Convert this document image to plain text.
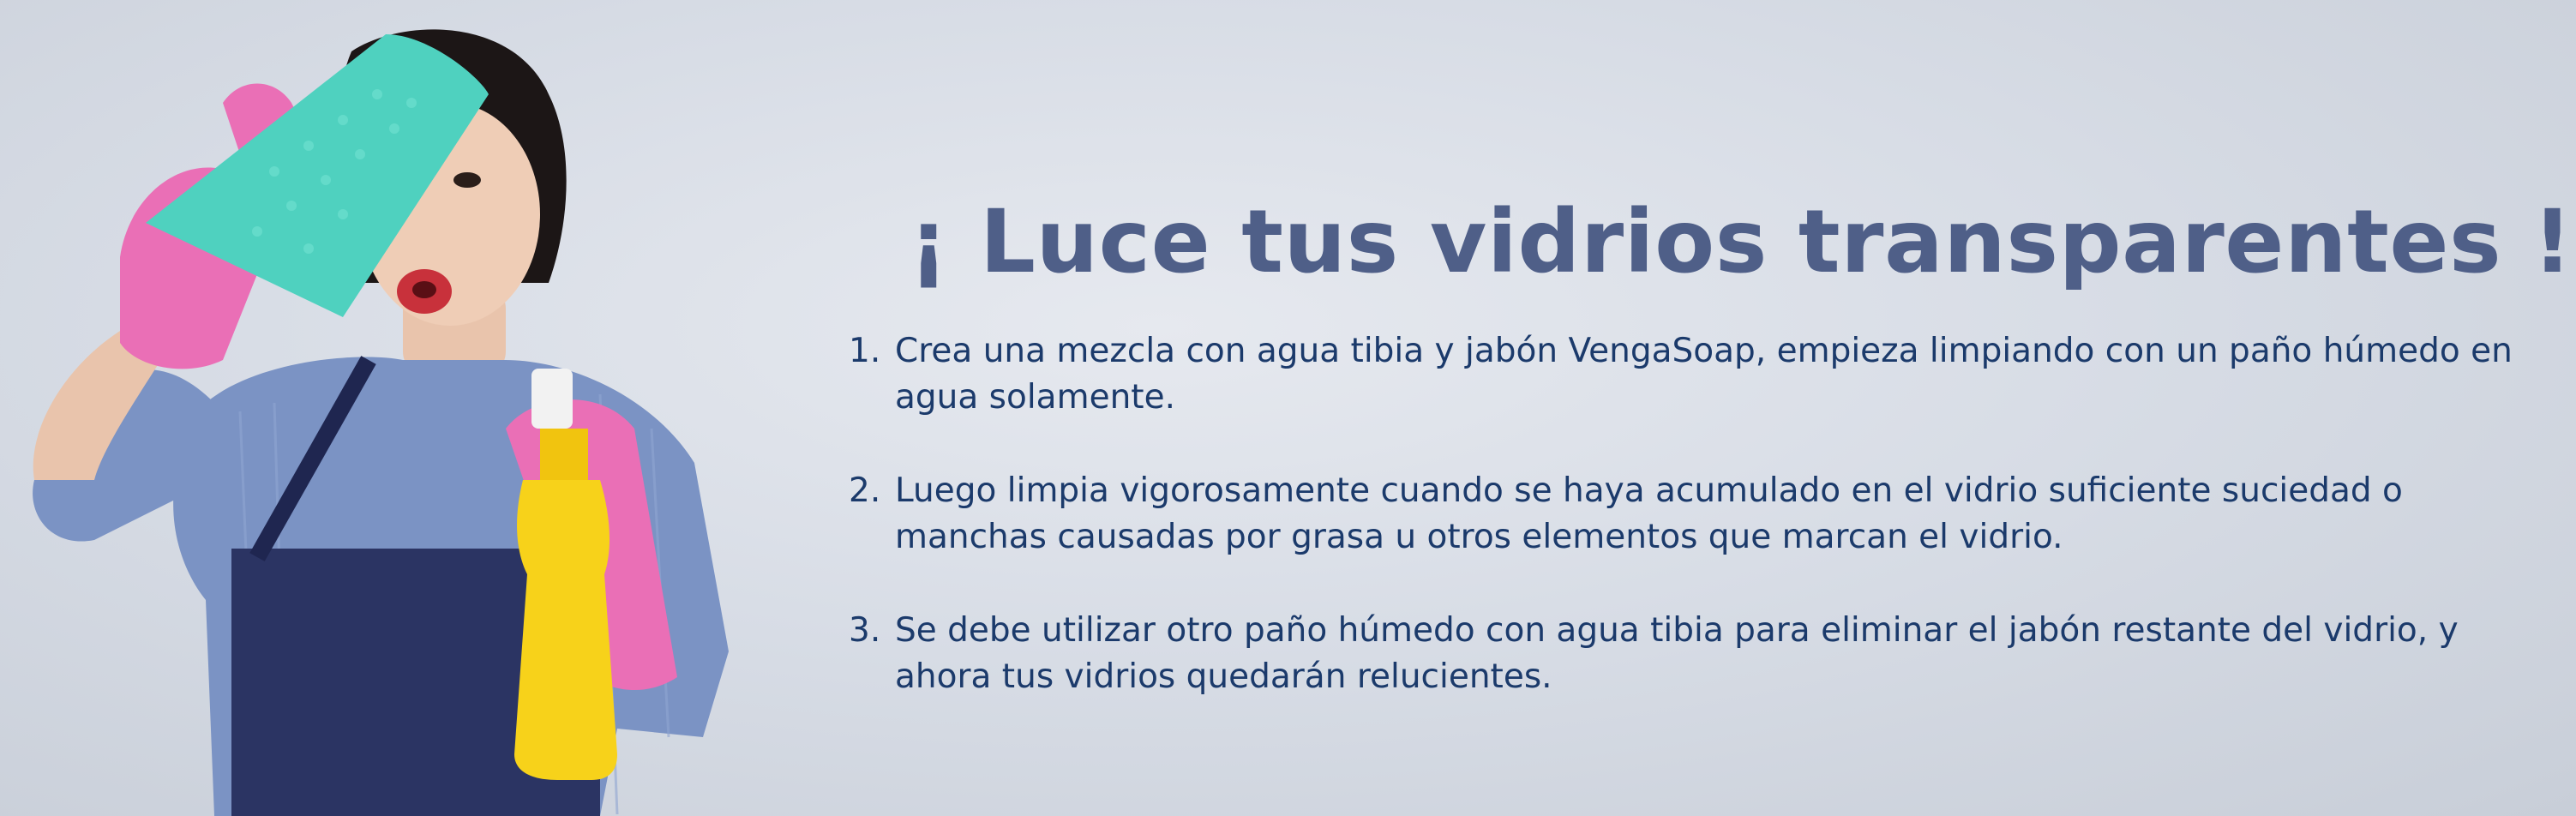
¡ Luce tus vidrios transparentes !
1. Crea una mezcla con agua tibia y jabón VengaSoap, empieza limpiando con un paño húmedo en agua solamente.
2. Luego limpia vigorosamente cuando se haya acumulado en el vidrio suficiente suciedad o manchas causadas por grasa u otros elementos que marcan el vidrio.
3. Se debe utilizar otro paño húmedo con agua tibia para eliminar el jabón restante del vidrio, y ahora tus vidrios quedarán relucientes.
